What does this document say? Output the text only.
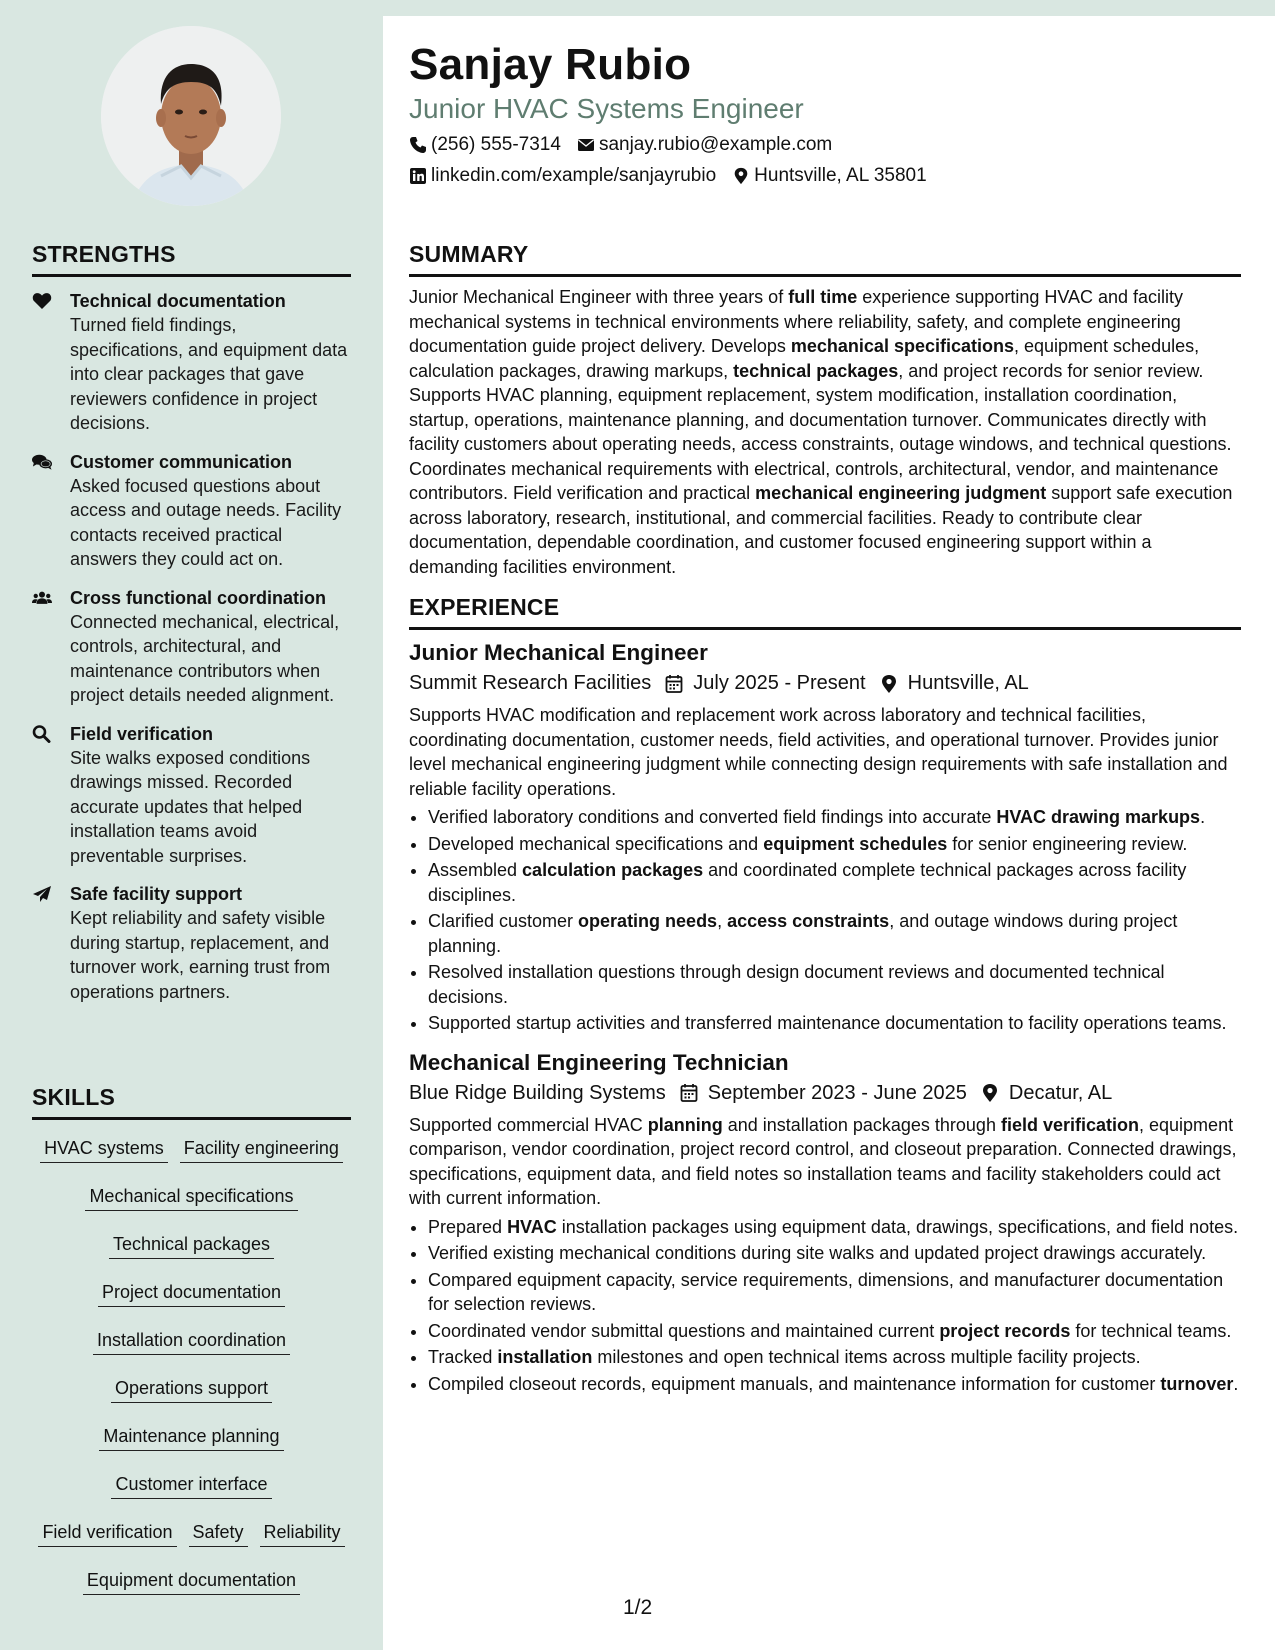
STRENGTHS
Technical documentation
Turned field findings, specifications, and equipment data into clear packages that gave reviewers confidence in project decisions.
Customer communication
Asked focused questions about access and outage needs. Facility contacts received practical answers they could act on.
Cross functional coordination
Connected mechanical, electrical, controls, architectural, and maintenance contributors when project details needed alignment.
Field verification
Site walks exposed conditions drawings missed. Recorded accurate updates that helped installation teams avoid preventable surprises.
Safe facility support
Kept reliability and safety visible during startup, replacement, and turnover work, earning trust from operations partners.
SKILLS
HVAC systems Facility engineering
Mechanical specifications
Technical packages
Project documentation
Installation coordination
Operations support
Maintenance planning
Customer interface
Field verification Safety Reliability
Equipment documentation
Sanjay Rubio
Junior HVAC Systems Engineer
(256) 555-7314 sanjay.rubio@example.com
linkedin.com/example/sanjayrubio Huntsville, AL 35801
SUMMARY

Junior Mechanical Engineer with three years of full time experience supporting HVAC and facility mechanical systems in technical environments where reliability, safety, and complete engineering documentation guide project delivery. Develops mechanical specifications, equipment schedules, calculation packages, drawing markups, technical packages, and project records for senior review. Supports HVAC planning, equipment replacement, system modification, installation coordination, startup, operations, maintenance planning, and documentation turnover. Communicates directly with facility customers about operating needs, access constraints, outage windows, and technical questions. Coordinates mechanical requirements with electrical, controls, architectural, vendor, and maintenance contributors. Field verification and practical mechanical engineering judgment support safe execution across laboratory, research, institutional, and commercial facilities. Ready to contribute clear documentation, dependable coordination, and customer focused engineering support within a demanding facilities environment.

EXPERIENCE
Junior Mechanical Engineer
Summit Research Facilities July 2025 - Present Huntsville, AL

Supports HVAC modification and replacement work across laboratory and technical facilities, coordinating documentation, customer needs, field activities, and operational turnover. Provides junior level mechanical engineering judgment while connecting design requirements with safe installation and reliable facility operations.

• Verified laboratory conditions and converted field findings into accurate HVAC drawing markups.
• Developed mechanical specifications and equipment schedules for senior engineering review.
• Assembled calculation packages and coordinated complete technical packages across facility disciplines.
• Clarified customer operating needs, access constraints, and outage windows during project planning.
• Resolved installation questions through design document reviews and documented technical decisions.
• Supported startup activities and transferred maintenance documentation to facility operations teams.
Mechanical Engineering Technician
Blue Ridge Building Systems September 2023 - June 2025 Decatur, AL

Supported commercial HVAC planning and installation packages through field verification, equipment comparison, vendor coordination, project record control, and closeout preparation. Connected drawings, specifications, equipment data, and field notes so installation teams and facility stakeholders could act with current information.

• Prepared HVAC installation packages using equipment data, drawings, specifications, and field notes.
• Verified existing mechanical conditions during site walks and updated project drawings accurately.
• Compared equipment capacity, service requirements, dimensions, and manufacturer documentation for selection reviews.
• Coordinated vendor submittal questions and maintained current project records for technical teams.
• Tracked installation milestones and open technical items across multiple facility projects.
• Compiled closeout records, equipment manuals, and maintenance information for customer turnover.
1/2
